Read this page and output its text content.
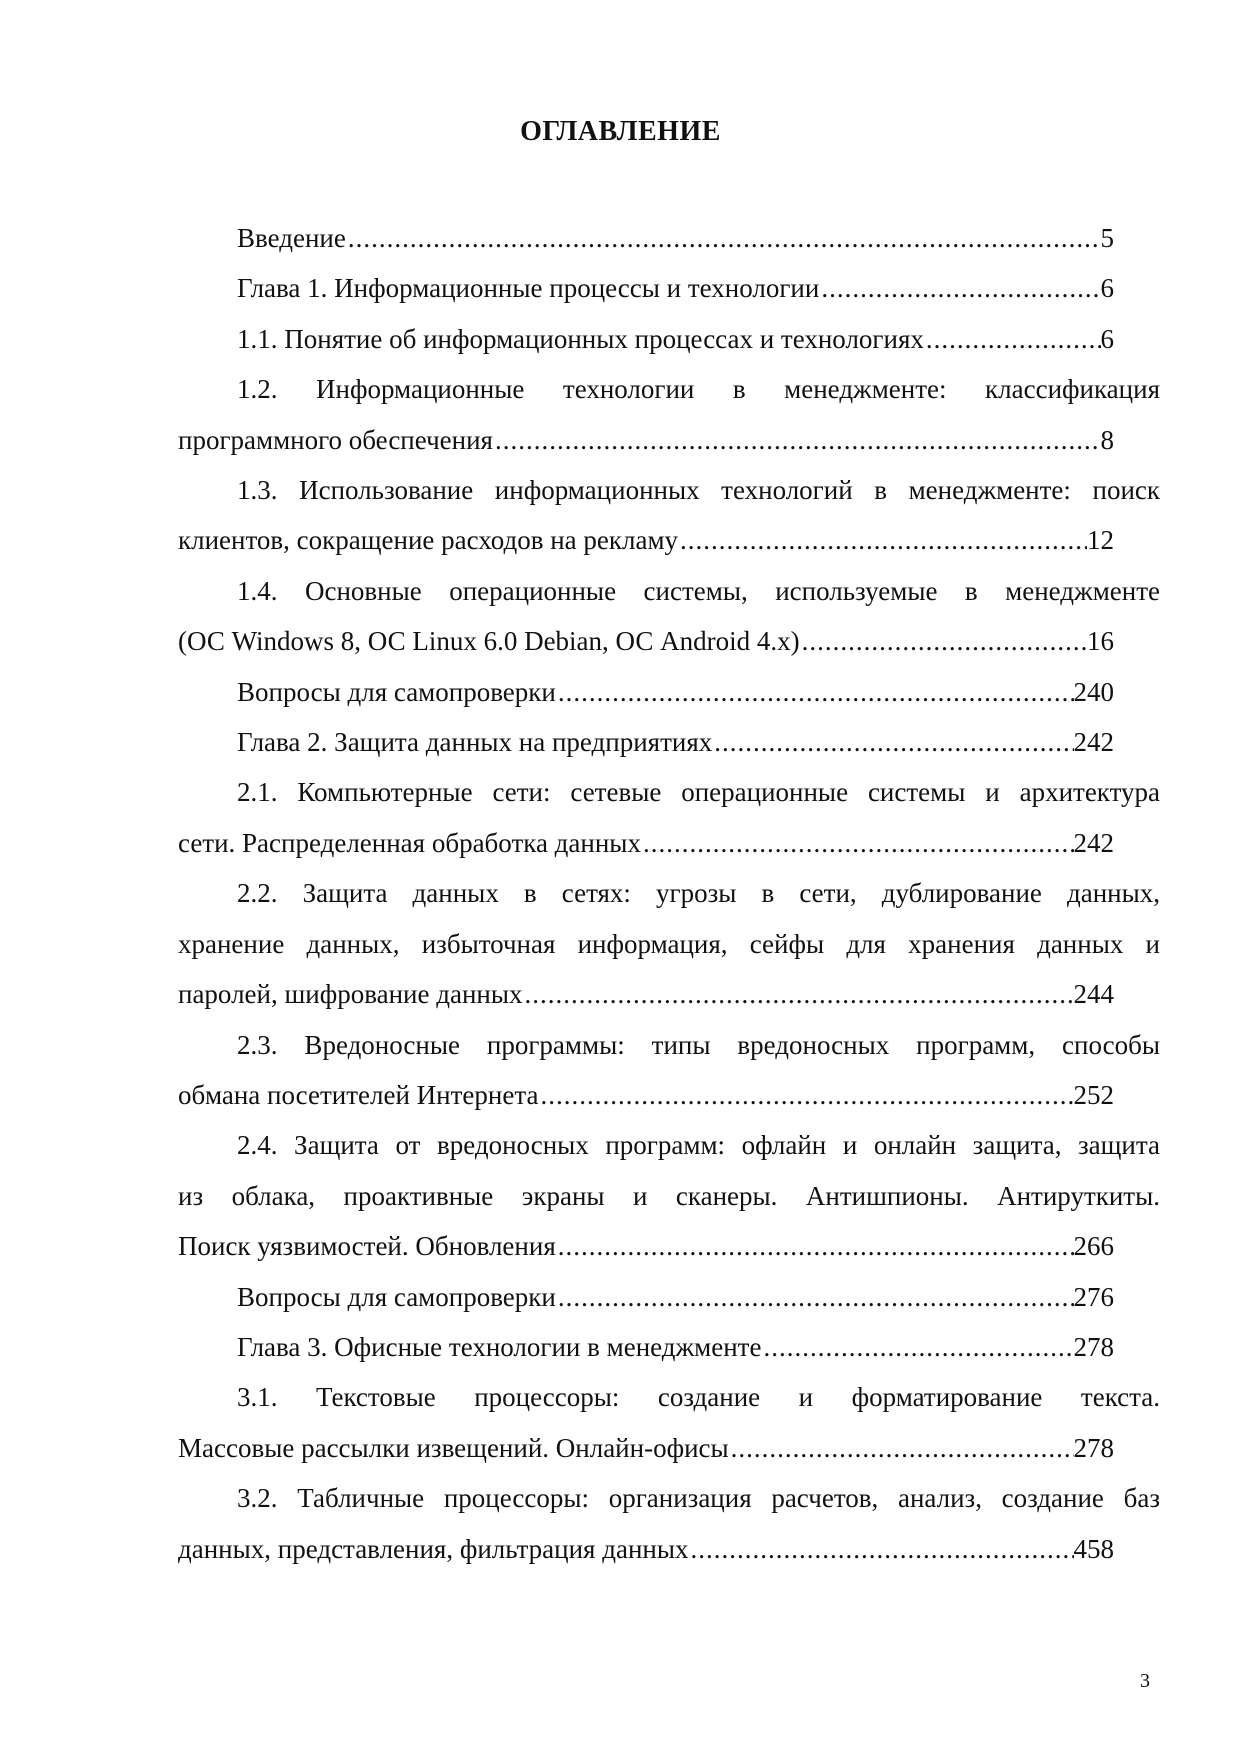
ОГЛАВЛЕНИЕ
Введение .....	5
Глава 1. Информационные процессы и технологии .....	6
1.1. Понятие об информационных процессах и технологиях .....	6
1.2. Информационные технологии в менеджменте: классификация
программного обеспечения .....	8
1.3. Использование информационных технологий в менеджменте: поиск
клиентов, сокращение расходов на рекламу .....	12
1.4. Основные операционные системы, используемые в менеджменте
(ОС Windows 8, ОС Linux 6.0 Debian, ОС Android 4.x) .....	16
Вопросы для самопроверки .....	240
Глава 2. Защита данных на предприятиях .....	242
2.1. Компьютерные сети: сетевые операционные системы и архитектура
сети. Распределенная обработка данных .....	242
2.2. Защита данных в сетях: угрозы в сети, дублирование данных,
хранение данных, избыточная информация, сейфы для хранения данных и
паролей, шифрование данных .....	244
2.3. Вредоносные программы: типы вредоносных программ, способы
обмана посетителей Интернета .....	252
2.4. Защита от вредоносных программ: офлайн и онлайн защита, защита
из облака, проактивные экраны и сканеры. Антишпионы. Антируткиты.
Поиск уязвимостей. Обновления .....	266
Вопросы для самопроверки .....	276
Глава 3. Офисные технологии в менеджменте .....	278
3.1. Текстовые процессоры: создание и форматирование текста.
Массовые рассылки извещений. Онлайн-офисы .....	278
3.2. Табличные процессоры: организация расчетов, анализ, создание баз
данных, представления, фильтрация данных .....	458
3
